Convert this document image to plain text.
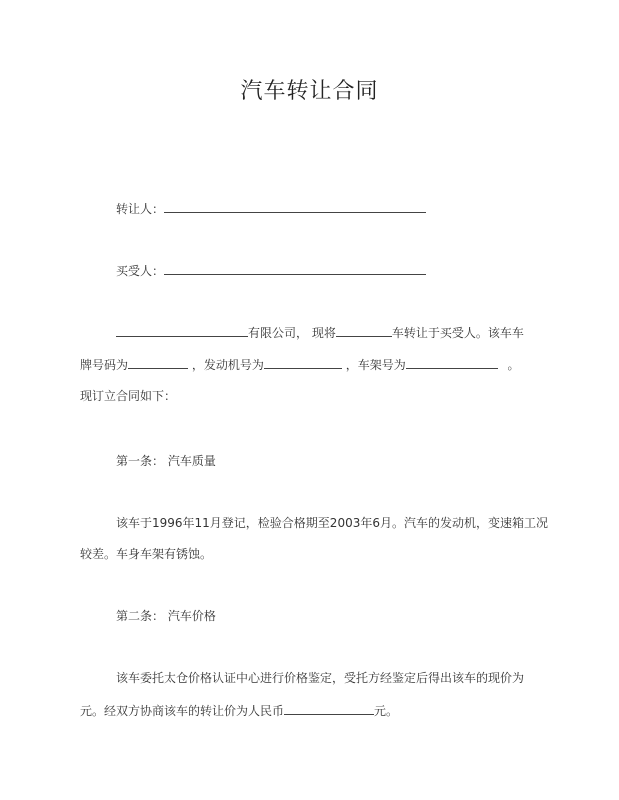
汽车转让合同
转让人：
买受人：
有限公司， 现将	车转让于买受人。该车车
牌号码为	，发动机号为	，车架号为	。
现订立合同如下：
第一条： 汽车质量
该车于1996年11月登记，检验合格期至2003年6月。汽车的发动机，变速箱工况
较差。车身车架有锈蚀。
第二条： 汽车价格
该车委托太仓价格认证中心进行价格鉴定，受托方经鉴定后得出该车的现价为
元。经双方协商该车的转让价为人民币	元。
